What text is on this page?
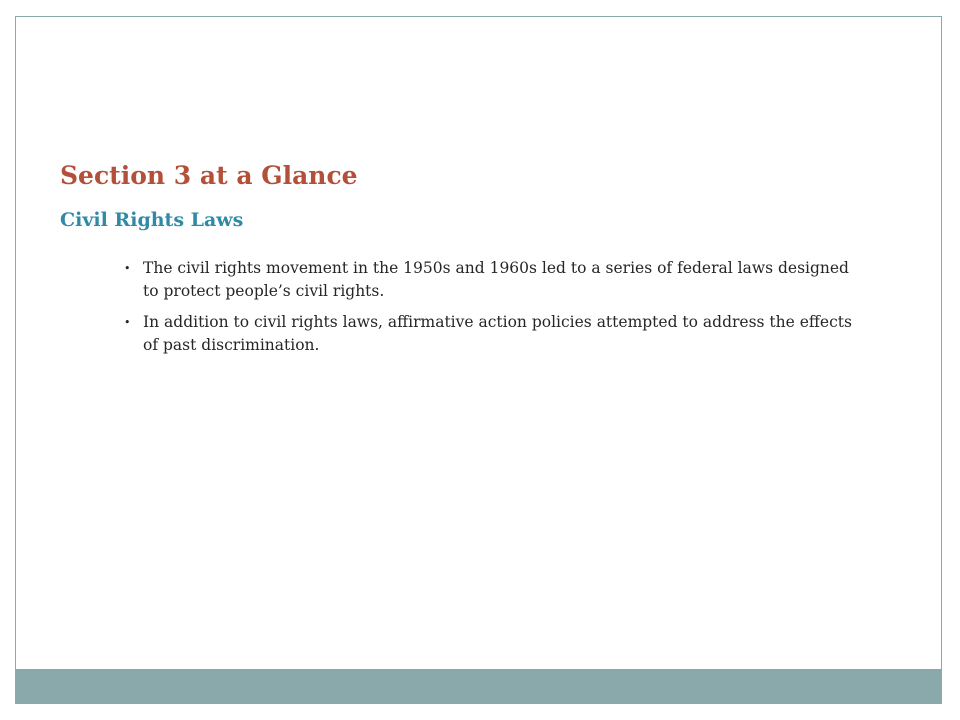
Section 3 at a Glance
Civil Rights Laws
• The civil rights movement in the 1950s and 1960s led to a series of federal laws designed to protect people’s civil rights.
• In addition to civil rights laws, affirmative action policies attempted to address the effects of past discrimination.
